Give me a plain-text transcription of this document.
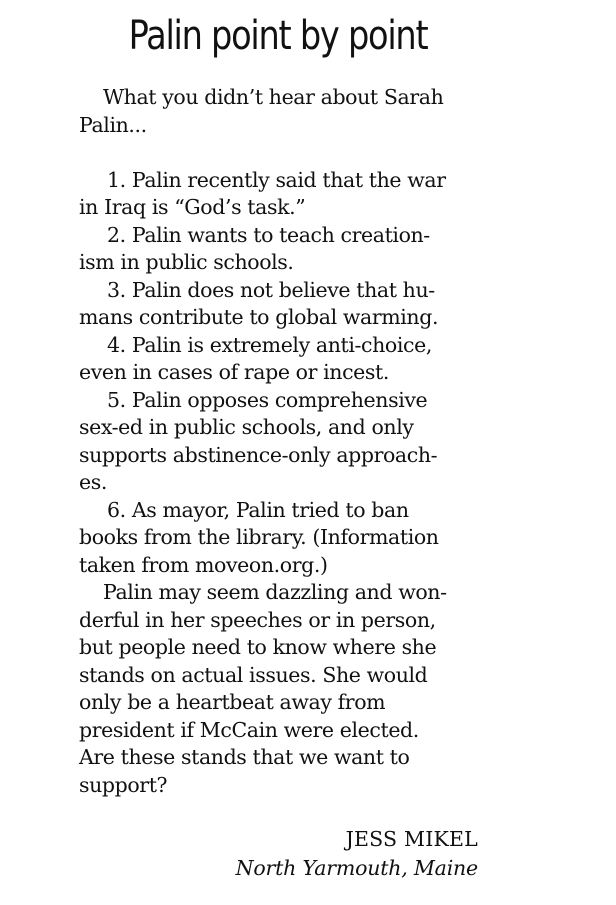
Palin point by point
What you didn’t hear about Sarah
Palin...
1. Palin recently said that the war
in Iraq is “God’s task.”
2. Palin wants to teach creation-
ism in public schools.
3. Palin does not believe that hu-
mans contribute to global warming.
4. Palin is extremely anti-choice,
even in cases of rape or incest.
5. Palin opposes comprehensive
sex-ed in public schools, and only
supports abstinence-only approach-
es.
6. As mayor, Palin tried to ban
books from the library. (Information
taken from moveon.org.)
Palin may seem dazzling and won-
derful in her speeches or in person,
but people need to know where she
stands on actual issues. She would
only be a heartbeat away from
president if McCain were elected.
Are these stands that we want to
support?
JESS MIKEL
North Yarmouth, Maine
